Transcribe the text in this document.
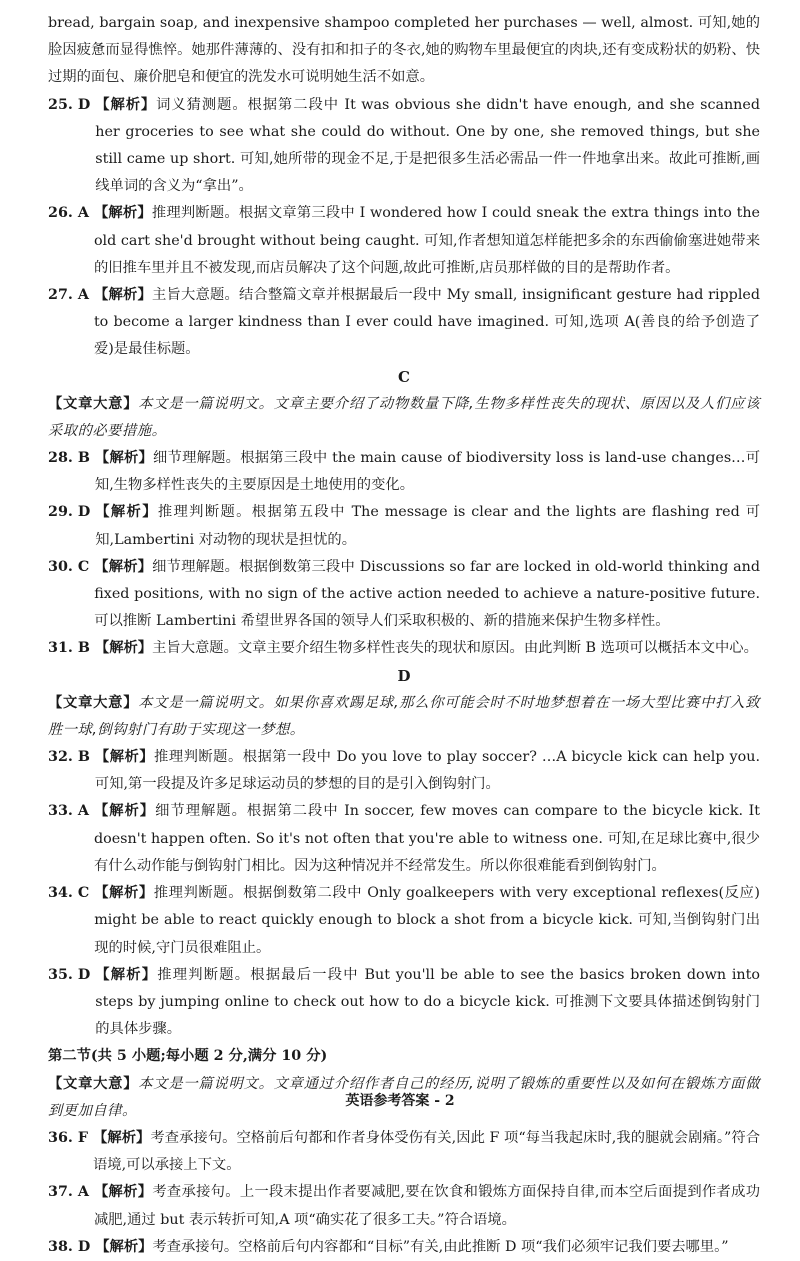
bread, bargain soap, and inexpensive shampoo completed her purchases — well, almost. 可知,她的脸因疲惫而显得憔悴。她那件薄薄的、没有扣和扣子的冬衣,她的购物车里最便宜的肉块,还有变成粉状的奶粉、快过期的面包、廉价肥皂和便宜的洗发水可说明她生活不如意。

25. D
【解析】词义猜测题。根据第二段中 It was obvious she didn't have enough, and she scanned her groceries to see what she could do without. One by one, she removed things, but she still came up short. 可知,她所带的现金不足,于是把很多生活必需品一件一件地拿出来。故此可推断,画线单词的含义为“拿出”。
26. A
【解析】推理判断题。根据文章第三段中 I wondered how I could sneak the extra things into the old cart she'd brought without being caught. 可知,作者想知道怎样能把多余的东西偷偷塞进她带来的旧推车里并且不被发现,而店员解决了这个问题,故此可推断,店员那样做的目的是帮助作者。
27. A
【解析】主旨大意题。结合整篇文章并根据最后一段中 My small, insignificant gesture had rippled to become a larger kindness than I ever could have imagined. 可知,选项 A(善良的给予创造了爱)是最佳标题。

C

【文章大意】本文是一篇说明文。文章主要介绍了动物数量下降,生物多样性丧失的现状、原因以及人们应该采取的必要措施。

28. B
【解析】细节理解题。根据第三段中 the main cause of biodiversity loss is land-use changes…可知,生物多样性丧失的主要原因是土地使用的变化。
29. D
【解析】推理判断题。根据第五段中 The message is clear and the lights are flashing red 可知,Lambertini 对动物的现状是担忧的。
30. C
【解析】细节理解题。根据倒数第三段中 Discussions so far are locked in old-world thinking and fixed positions, with no sign of the active action needed to achieve a nature-positive future. 可以推断 Lambertini 希望世界各国的领导人们采取积极的、新的措施来保护生物多样性。
31. B
【解析】主旨大意题。文章主要介绍生物多样性丧失的现状和原因。由此判断 B 选项可以概括本文中心。

D

【文章大意】本文是一篇说明文。如果你喜欢踢足球,那么你可能会时不时地梦想着在一场大型比赛中打入致胜一球,倒钩射门有助于实现这一梦想。

32. B
【解析】推理判断题。根据第一段中 Do you love to play soccer? …A bicycle kick can help you. 可知,第一段提及许多足球运动员的梦想的目的是引入倒钩射门。
33. A
【解析】细节理解题。根据第二段中 In soccer, few moves can compare to the bicycle kick. It doesn't happen often. So it's not often that you're able to witness one. 可知,在足球比赛中,很少有什么动作能与倒钩射门相比。因为这种情况并不经常发生。所以你很难能看到倒钩射门。
34. C
【解析】推理判断题。根据倒数第二段中 Only goalkeepers with very exceptional reflexes(反应) might be able to react quickly enough to block a shot from a bicycle kick. 可知,当倒钩射门出现的时候,守门员很难阻止。
35. D
【解析】推理判断题。根据最后一段中 But you'll be able to see the basics broken down into steps by jumping online to check out how to do a bicycle kick. 可推测下文要具体描述倒钩射门的具体步骤。

第二节(共 5 小题;每小题 2 分,满分 10 分)

【文章大意】本文是一篇说明文。文章通过介绍作者自己的经历,说明了锻炼的重要性以及如何在锻炼方面做到更加自律。

36. F
【解析】考查承接句。空格前后句都和作者身体受伤有关,因此 F 项“每当我起床时,我的腿就会剧痛。”符合语境,可以承接上下文。
37. A
【解析】考查承接句。上一段末提出作者要减肥,要在饮食和锻炼方面保持自律,而本空后面提到作者成功减肥,通过 but 表示转折可知,A 项“确实花了很多工夫。”符合语境。
38. D
【解析】考查承接句。空格前后句内容都和“目标”有关,由此推断 D 项“我们必须牢记我们要去哪里。”
英语参考答案 - 2
